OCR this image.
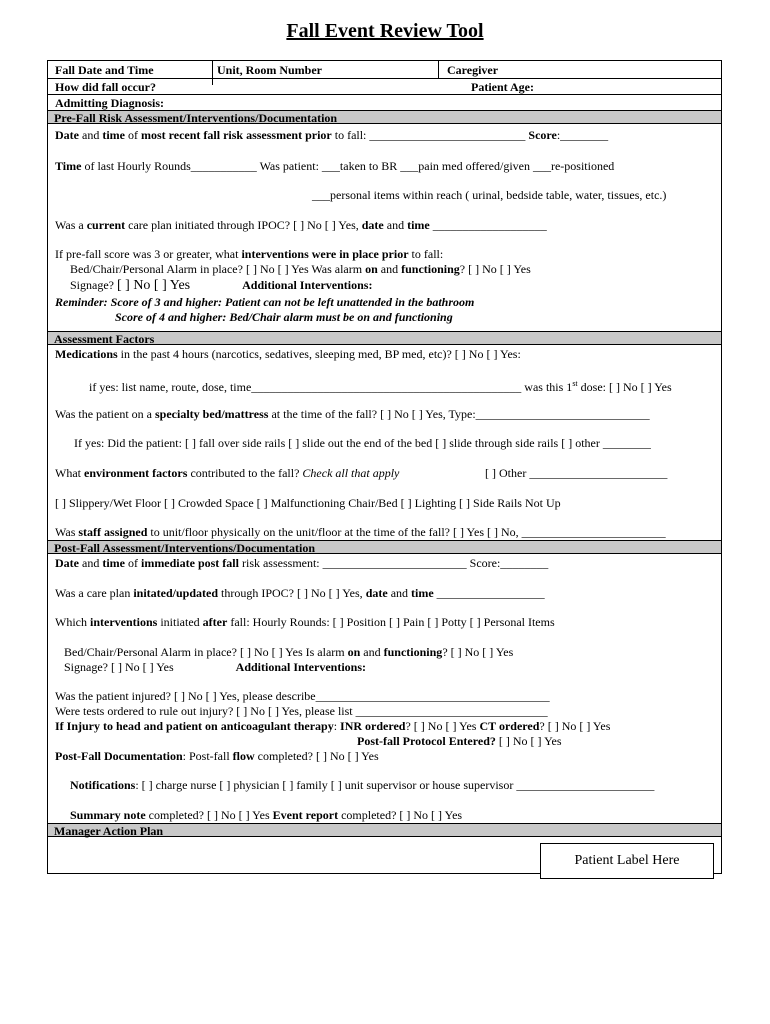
Fall Event Review Tool
Fall Date and Time	Unit, Room Number	Caregiver
How did fall occur?	Patient Age:
Admitting Diagnosis:
Pre-Fall Risk Assessment/Interventions/Documentation
Date and time of most recent fall risk assessment prior to fall: __________________________ Score:________
Time of last Hourly Rounds___________ Was patient: ___taken to BR ___pain med offered/given ___re-positioned
___personal items within reach ( urinal, bedside table, water, tissues, etc.)
Was a current care plan initiated through IPOC? [ ] No [ ] Yes, date and time ___________________
If pre-fall score was 3 or greater, what interventions were in place prior to fall:
Bed/Chair/Personal Alarm in place? [ ] No [ ] Yes Was alarm on and functioning? [ ] No [ ] Yes
Signage? [ ] No [ ] Yes	Additional Interventions:
Reminder: Score of 3 and higher: Patient can not be left unattended in the bathroom
Score of 4 and higher: Bed/Chair alarm must be on and functioning
Assessment Factors
Medications in the past 4 hours (narcotics, sedatives, sleeping med, BP med, etc)? [ ] No [ ] Yes:
if yes: list name, route, dose, time_____________________________________________ was this 1st dose: [ ] No [ ] Yes
Was the patient on a specialty bed/mattress at the time of the fall? [ ] No [ ] Yes, Type:_____________________________
If yes: Did the patient: [ ] fall over side rails [ ] slide out the end of the bed [ ] slide through side rails [ ] other ________
What environment factors contributed to the fall? Check all that apply	[ ] Other _______________________
[ ] Slippery/Wet Floor [ ] Crowded Space [ ] Malfunctioning Chair/Bed [ ] Lighting [ ] Side Rails Not Up
Was staff assigned to unit/floor physically on the unit/floor at the time of the fall? [ ] Yes [ ] No, ________________________
Post-Fall Assessment/Interventions/Documentation
Date and time of immediate post fall risk assessment: ________________________ Score:________
Was a care plan initated/updated through IPOC? [ ] No [ ] Yes, date and time __________________
Which interventions initiated after fall: Hourly Rounds: [ ] Position [ ] Pain [ ] Potty [ ] Personal Items
Bed/Chair/Personal Alarm in place? [ ] No [ ] Yes Is alarm on and functioning? [ ] No [ ] Yes
Signage? [ ] No [ ] Yes	Additional Interventions:
Was the patient injured? [ ] No [ ] Yes, please describe_______________________________________
Were tests ordered to rule out injury? [ ] No [ ] Yes, please list ________________________________
If Injury to head and patient on anticoagulant therapy: INR ordered? [ ] No [ ] Yes CT ordered? [ ] No [ ] Yes
Post-fall Protocol Entered? [ ] No [ ] Yes
Post-Fall Documentation: Post-fall flow completed? [ ] No [ ] Yes
Notifications: [ ] charge nurse [ ] physician [ ] family [ ] unit supervisor or house supervisor _______________________
Summary note completed? [ ] No [ ] Yes Event report completed? [ ] No [ ] Yes
Manager Action Plan
Patient Label Here
